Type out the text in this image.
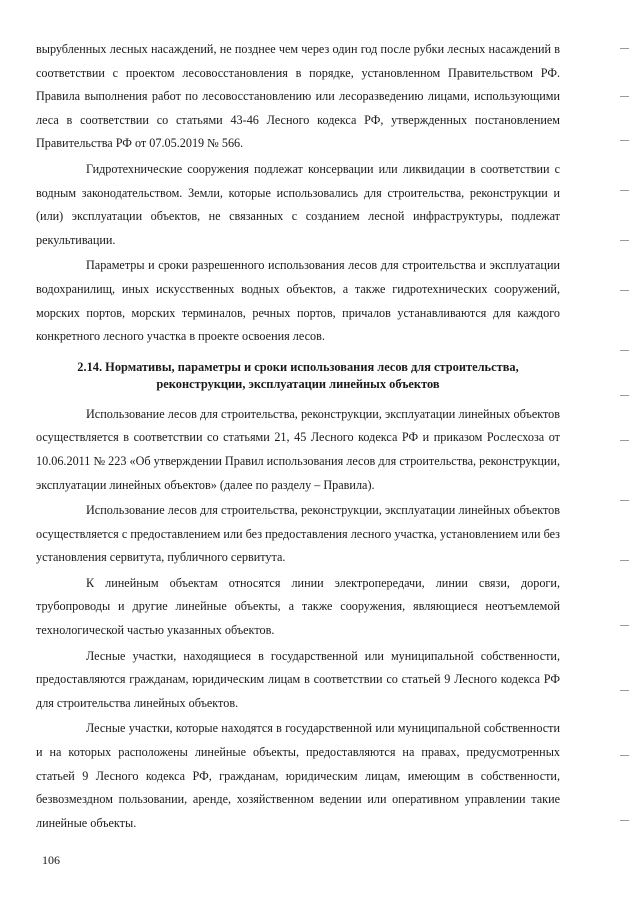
вырубленных лесных насаждений, не позднее чем через один год после рубки лесных насаждений в соответствии с проектом лесовосстановления в порядке, установленном Правительством РФ. Правила выполнения работ по лесовосстановлению или лесоразведению лицами, использующими леса в соответствии со статьями 43-46 Лесного кодекса РФ, утвержденных постановлением Правительства РФ от 07.05.2019 № 566.

Гидротехнические сооружения подлежат консервации или ликвидации в соответствии с водным законодательством. Земли, которые использовались для строительства, реконструкции и (или) эксплуатации объектов, не связанных с созданием лесной инфраструктуры, подлежат рекультивации.

Параметры и сроки разрешенного использования лесов для строительства и эксплуатации водохранилищ, иных искусственных водных объектов, а также гидротехнических сооружений, морских портов, морских терминалов, речных портов, причалов устанавливаются для каждого конкретного лесного участка в проекте освоения лесов.

2.14. Нормативы, параметры и сроки использования лесов для строительства,
реконструкции, эксплуатации линейных объектов

Использование лесов для строительства, реконструкции, эксплуатации линейных объектов осуществляется в соответствии со статьями 21, 45 Лесного кодекса РФ и приказом Рослесхоза от 10.06.2011 № 223 «Об утверждении Правил использования лесов для строительства, реконструкции, эксплуатации линейных объектов» (далее по разделу – Правила).

Использование лесов для строительства, реконструкции, эксплуатации линейных объектов осуществляется с предоставлением или без предоставления лесного участка, установлением или без установления сервитута, публичного сервитута.

К линейным объектам относятся линии электропередачи, линии связи, дороги, трубопроводы и другие линейные объекты, а также сооружения, являющиеся неотъемлемой технологической частью указанных объектов.

Лесные участки, находящиеся в государственной или муниципальной собственности, предоставляются гражданам, юридическим лицам в соответствии со статьей 9 Лесного кодекса РФ для строительства линейных объектов.

Лесные участки, которые находятся в государственной или муниципальной собственности и на которых расположены линейные объекты, предоставляются на правах, предусмотренных статьей 9 Лесного кодекса РФ, гражданам, юридическим лицам, имеющим в собственности, безвозмездном пользовании, аренде, хозяйственном ведении или оперативном управлении такие линейные объекты.

106
